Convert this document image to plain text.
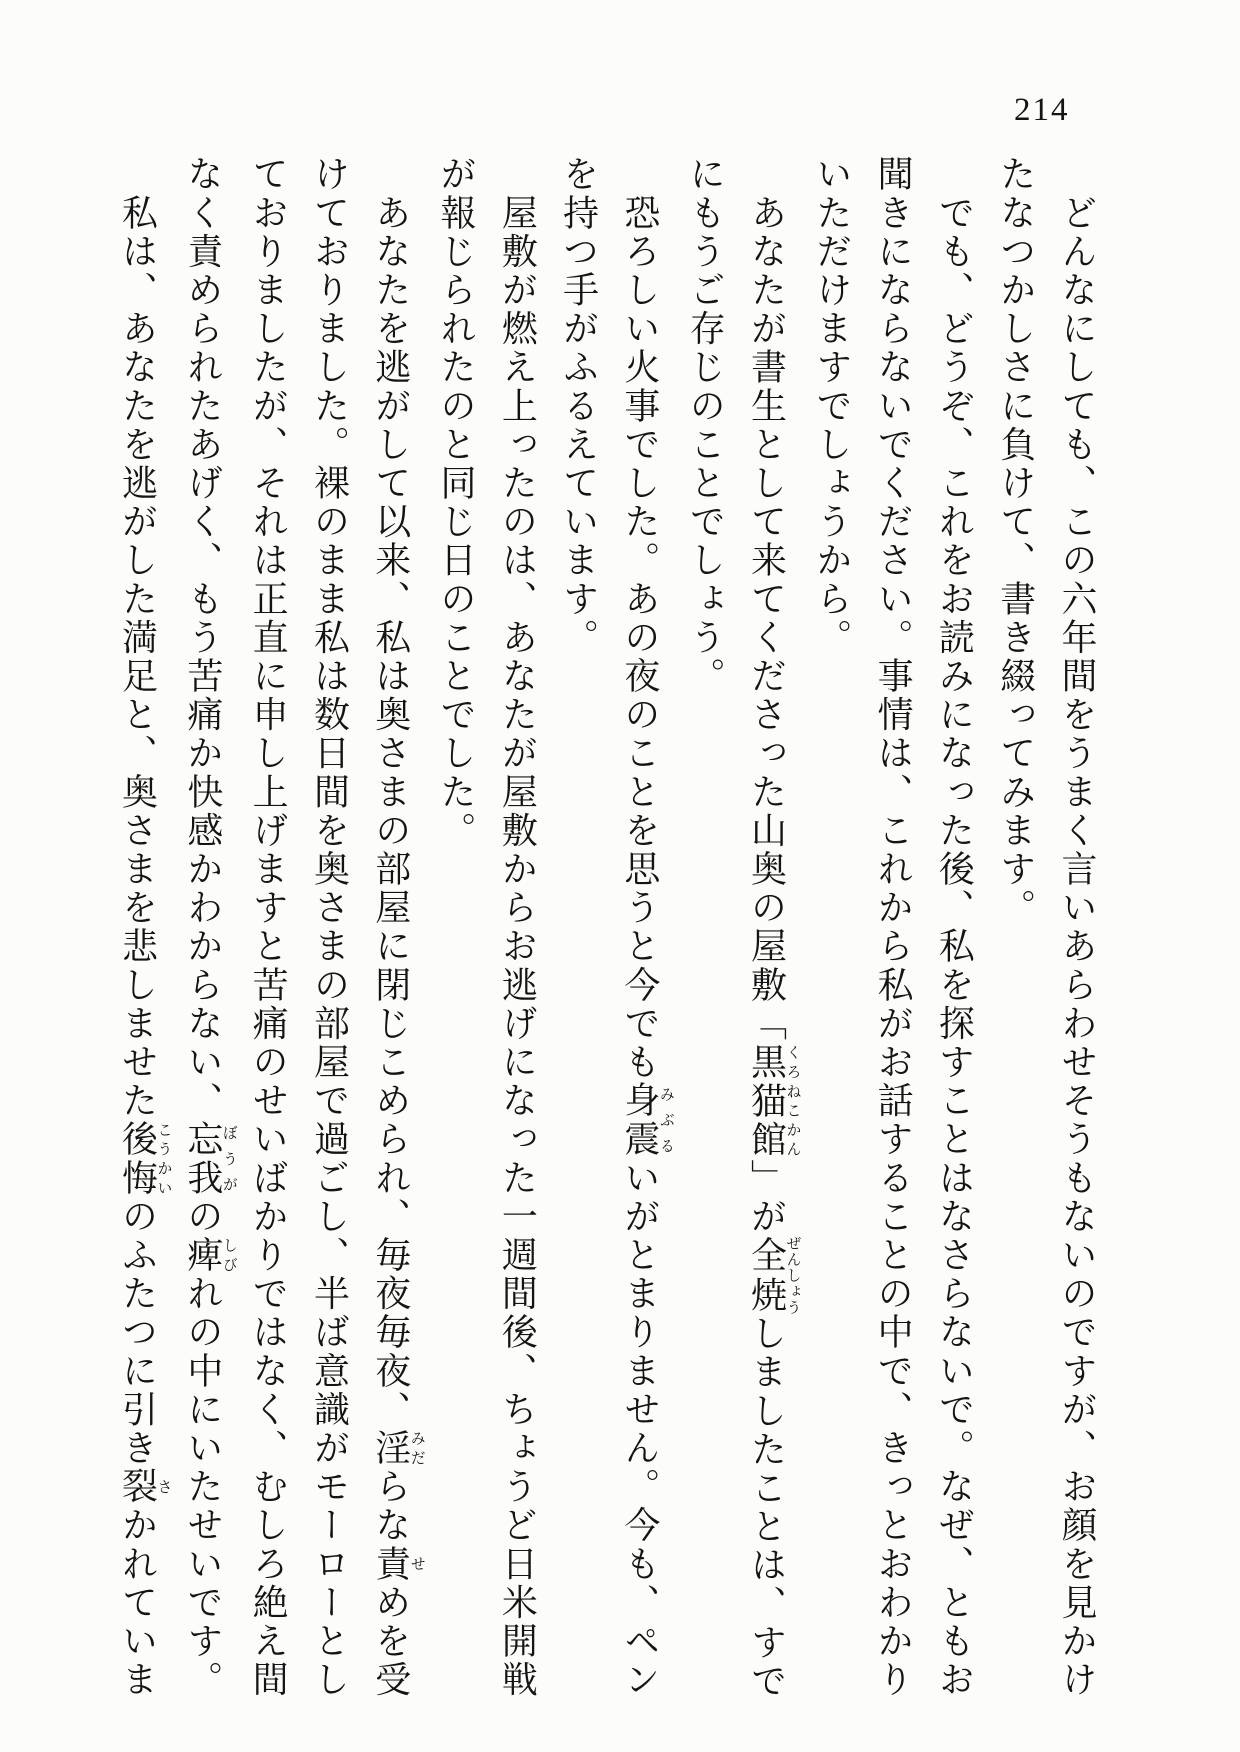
214
　どんなにしても、この六年間をうまく言いあらわせそうもないのですが、お顔を見かけ
たなつかしさに負けて、書き綴ってみます。
　でも、どうぞ、これをお読みになった後、私を探すことはなさらないで。なぜ、ともお
聞きにならないでください。事情は、これから私がお話することの中で、きっとおわかり
いただけますでしょうから。
　あなたが書生として来てくださった山奥の屋敷「黒猫館くろねこかん」が全焼ぜんしょうしましたことは、すで
にもうご存じのことでしょう。
　恐ろしい火事でした。あの夜のことを思うと今でも身震みぶるいがとまりません。今も、ペン
を持つ手がふるえています。
　屋敷が燃え上ったのは、あなたが屋敷からお逃げになった一週間後、ちょうど日米開戦
が報じられたのと同じ日のことでした。
　あなたを逃がして以来、私は奥さまの部屋に閉じこめられ、毎夜毎夜、淫みだらな責せめを受
けておりました。裸のまま私は数日間を奥さまの部屋で過ごし、半ば意識がモーローとし
ておりましたが、それは正直に申し上げますと苦痛のせいばかりではなく、むしろ絶え間
なく責められたあげく、もう苦痛か快感かわからない、忘我ぼうがの痺しびれの中にいたせいです。
　私は、あなたを逃がした満足と、奥さまを悲しませた後悔こうかいのふたつに引き裂さかれていま
